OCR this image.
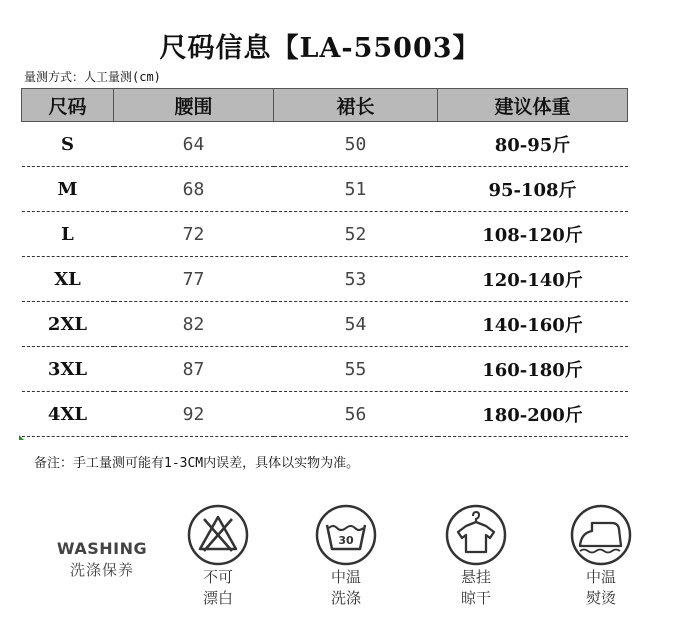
尺码信息【LA-55003】
量测方式：人工量测(cm)
尺码	腰围	裙长	建议体重
S	64	50	80-95斤
M	68	51	95-108斤
L	72	52	108-120斤
XL	77	53	120-140斤
2XL	82	54	140-160斤
3XL	87	55	160-180斤
4XL	92	56	180-200斤
备注：手工量测可能有1-3CM内误差，具体以实物为准。
WASHING
洗涤保养	不可
漂白
30
中温
洗涤
悬挂
晾干
中温
熨烫
